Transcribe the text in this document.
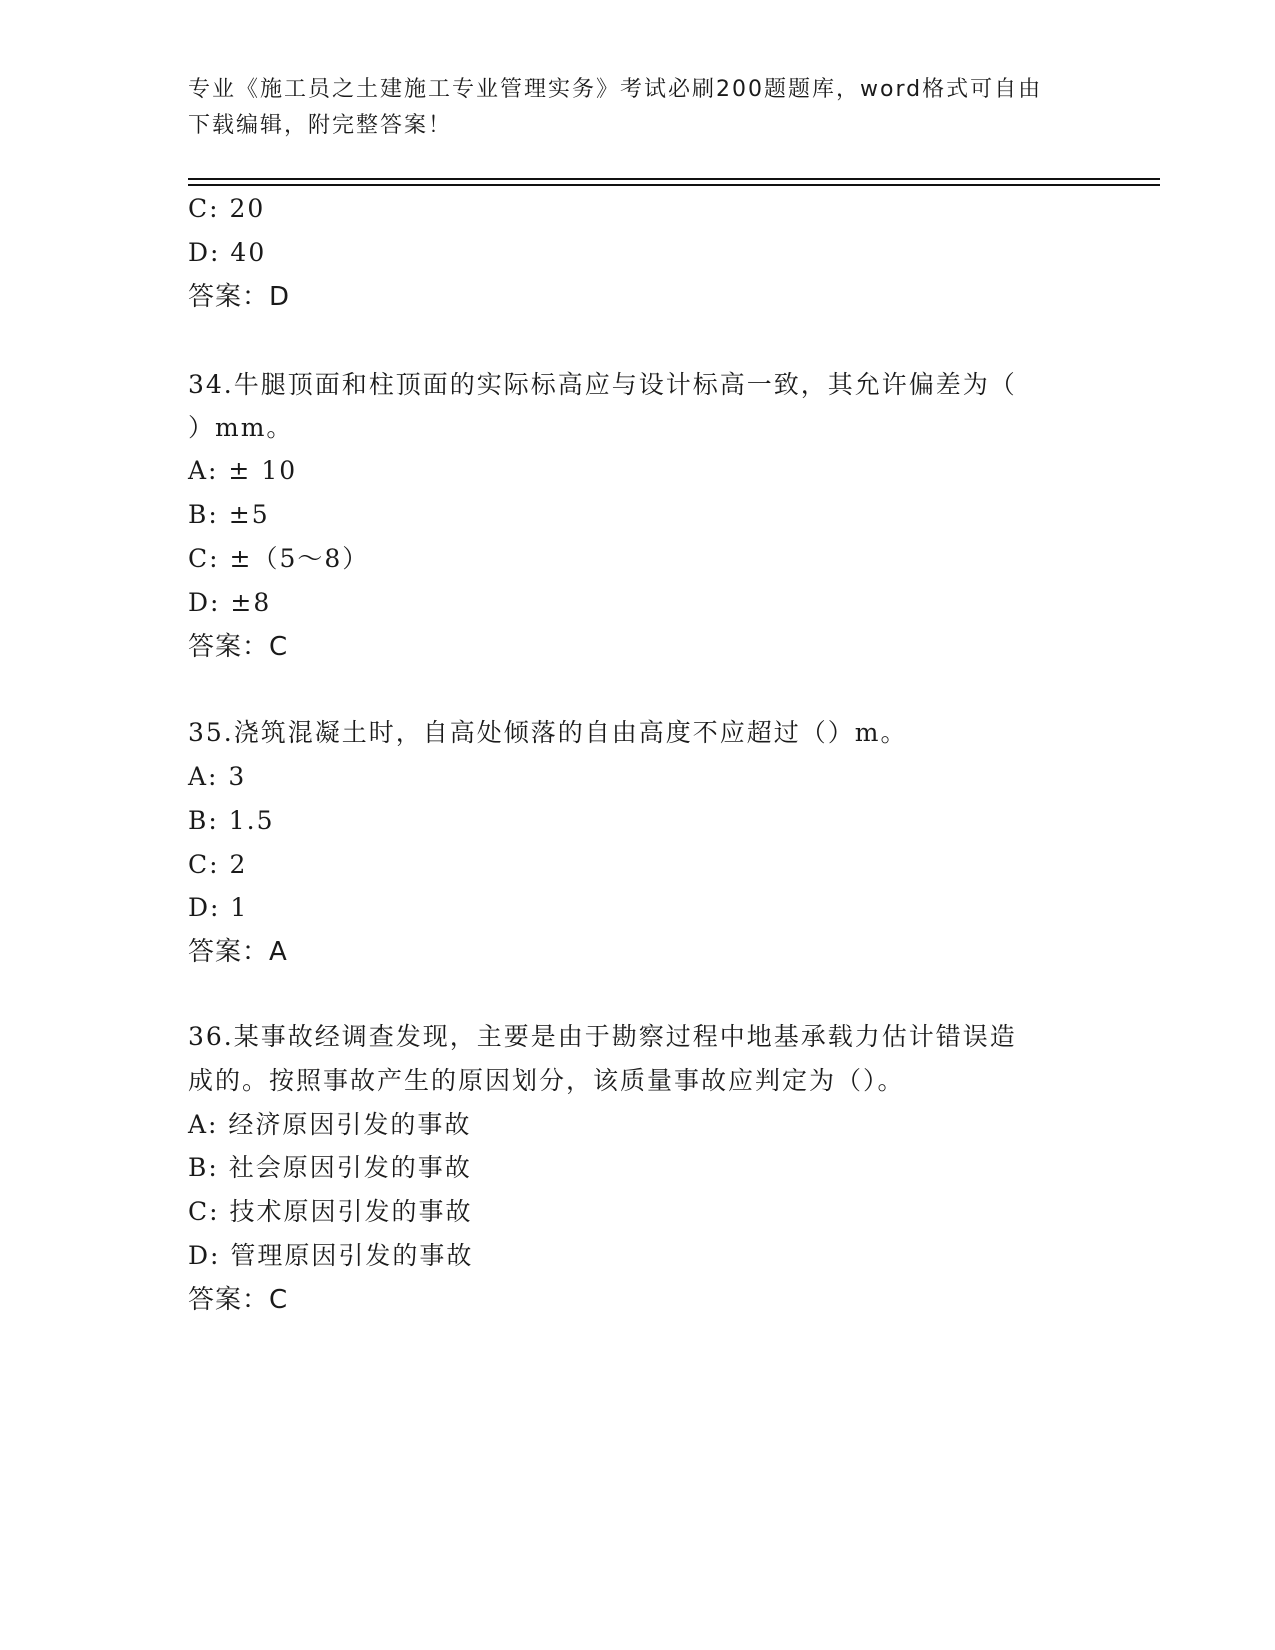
专业《施工员之土建施工专业管理实务》考试必刷200题题库，word格式可自由
下载编辑，附完整答案！
C: 20
D: 40
答案：D
34.牛腿顶面和柱顶面的实际标高应与设计标高一致，其允许偏差为（
）mm。
A: ± 10
B: ±5
C: ±（5～8）
D: ±8
答案：C
35.浇筑混凝土时，自高处倾落的自由高度不应超过（）m。
A: 3
B: 1.5
C: 2
D: 1
答案：A
36.某事故经调查发现，主要是由于勘察过程中地基承载力估计错误造
成的。按照事故产生的原因划分，该质量事故应判定为（）。
A: 经济原因引发的事故
B: 社会原因引发的事故
C: 技术原因引发的事故
D: 管理原因引发的事故
答案：C
